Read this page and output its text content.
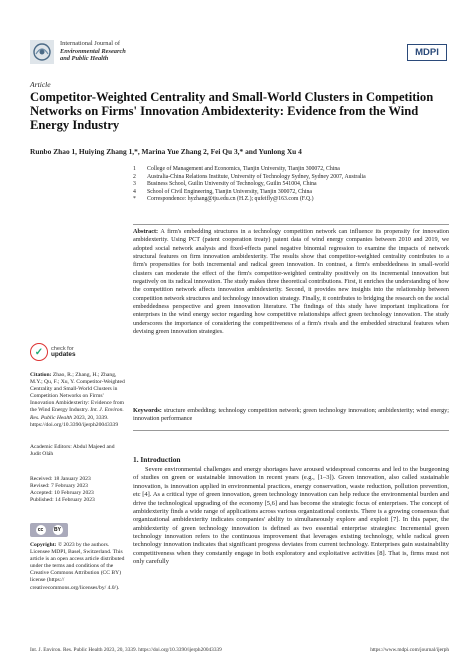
International Journal of
Environmental Research
and Public Health
MDPI
Article
Competitor-Weighted Centrality and Small-World Clusters in Competition Networks on Firms' Innovation Ambidexterity: Evidence from the Wind Energy Industry
Runbo Zhao 1, Huiying Zhang 1,*, Marina Yue Zhang 2, Fei Qu 3,* and Yunlong Xu 4
1	College of Management and Economics, Tianjin University, Tianjin 300072, China
2	Australia-China Relations Institute, University of Technology Sydney, Sydney 2007, Australia
3	Business School, Guilin University of Technology, Guilin 541004, China
4	School of Civil Engineering, Tianjin University, Tianjin 300072, China
*	Correspondence: hyzhang@tju.edu.cn (H.Z.); qufeifly@163.com (F.Q.)
Abstract: A firm's embedding structures in a technology competition network can influence its propensity for innovation ambidexterity. Using PCT (patent cooperation treaty) patent data of wind energy companies between 2010 and 2019, we adopted social network analysis and fixed-effects panel negative binomial regression to examine the impacts of network structural features on firm innovation ambidexterity. The results show that competitor-weighted centrality contributes to a firm's propensities for both incremental and radical green innovation. In contrast, a firm's embeddedness in small-world clusters can moderate the effect of the firm's competitor-weighted centrality positively on its incremental innovation but negatively on its radical innovation. The study makes three theoretical contributions. First, it enriches the understanding of how the competition network affects innovation ambidexterity. Second, it provides new insights into the relationship between competition network structures and technology innovation strategy. Finally, it contributes to bridging the research on the social embeddedness perspective and green innovation literature. The findings of this study have important implications for enterprises in the wind energy sector regarding how competitive relationships affect green technology innovation. The study underscores the importance of considering the competitiveness of a firm's rivals and the embedded structural features when devising green innovation strategies.
Keywords: structure embedding; technology competition network; green technology innovation; ambidexterity; wind energy; innovation performance
✓	check for
updates
Citation: Zhao, R.; Zhang, H.; Zhang, M.Y.; Qu, F.; Xu, Y. Competitor-Weighted Centrality and Small-World Clusters in Competition Networks on Firms' Innovation Ambidexterity: Evidence from the Wind Energy Industry. Int. J. Environ. Res. Public Health 2023, 20, 3339. https://doi.org/10.3390/ijerph20043339
Academic Editors: Abdul Majeed and Judit Oláh
Received: 18 January 2023
Revised: 7 February 2023
Accepted: 10 February 2023
Published: 14 February 2023
cc	BY
Copyright: © 2023 by the authors. Licensee MDPI, Basel, Switzerland. This article is an open access article distributed under the terms and conditions of the Creative Commons Attribution (CC BY) license (https:// creativecommons.org/licenses/by/ 4.0/).
1. Introduction

Severe environmental challenges and energy shortages have aroused widespread concerns and led to the burgeoning of studies on green or sustainable innovation in recent years (e.g., [1–3]). Green innovation, also called sustainable innovation, is innovation applied in environmental practices, energy conservation, waste reduction, pollution prevention, etc [4]. As a critical type of green innovation, green technology innovation can help reduce the environmental burden and drive the technological upgrading of the economy [5,6] and has become the strategic focus of enterprises. The concept of ambidexterity finds a wide range of applications across various organizational contexts. There is a growing consensus that organizational ambidexterity indicates companies' ability to simultaneously explore and exploit [7]. In this paper, the ambidexterity of green technology innovation is defined as two essential enterprise strategies: Incremental green technology innovation refers to the continuous improvement that leverages existing technology, while radical green technology innovation indicates that significant progress deviates from current technology. Enterprises gain sustainability competitiveness when they constantly engage in both exploratory and exploitative activities [8]. That is, firms must not only carefully

Int. J. Environ. Res. Public Health 2023, 20, 3339. https://doi.org/10.3390/ijerph20043339	https://www.mdpi.com/journal/ijerph
